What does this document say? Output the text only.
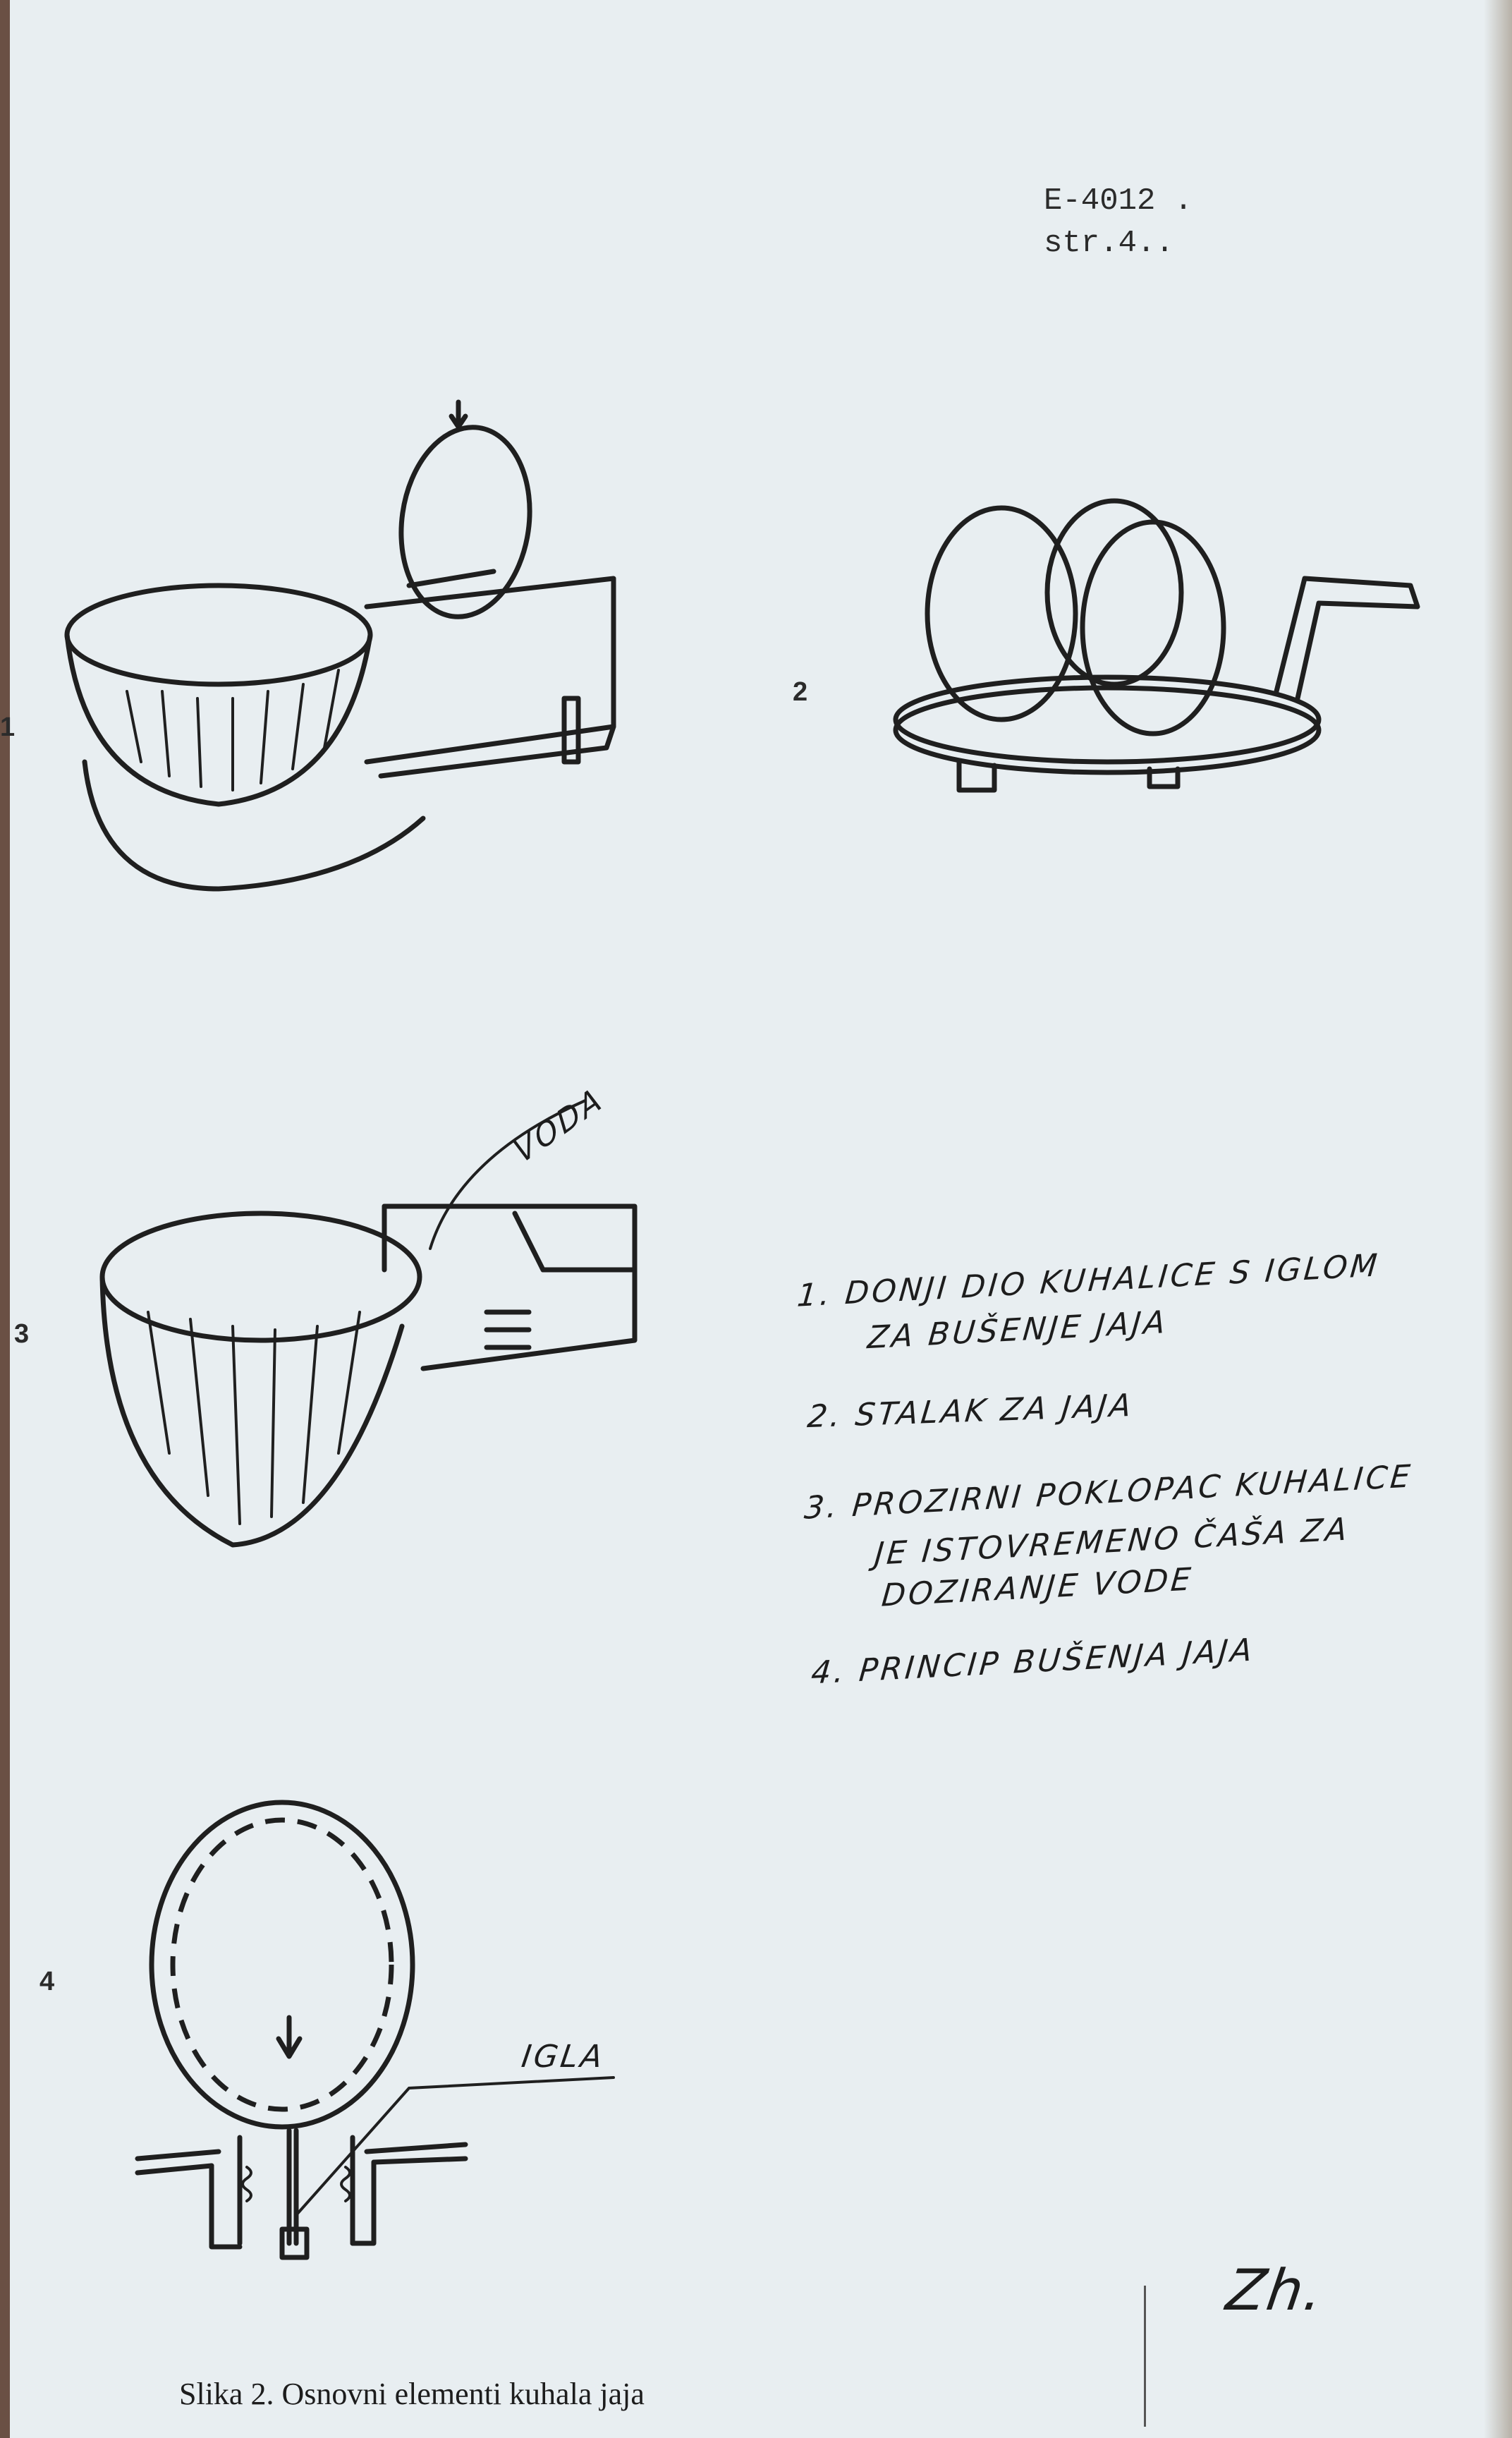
E-4012 .
str.4..
1
2
VODA
3
IGLA
4
1. DONJI DIO KUHALICE S IGLOM
ZA BUŠENJE JAJA
2. STALAK ZA JAJA
3. PROZIRNI POKLOPAC KUHALICE
JE ISTOVREMENO ČAŠA ZA
DOZIRANJE VODE
4. PRINCIP BUŠENJA JAJA
Zh.
Slika 2. Osnovni elementi kuhala jaja
